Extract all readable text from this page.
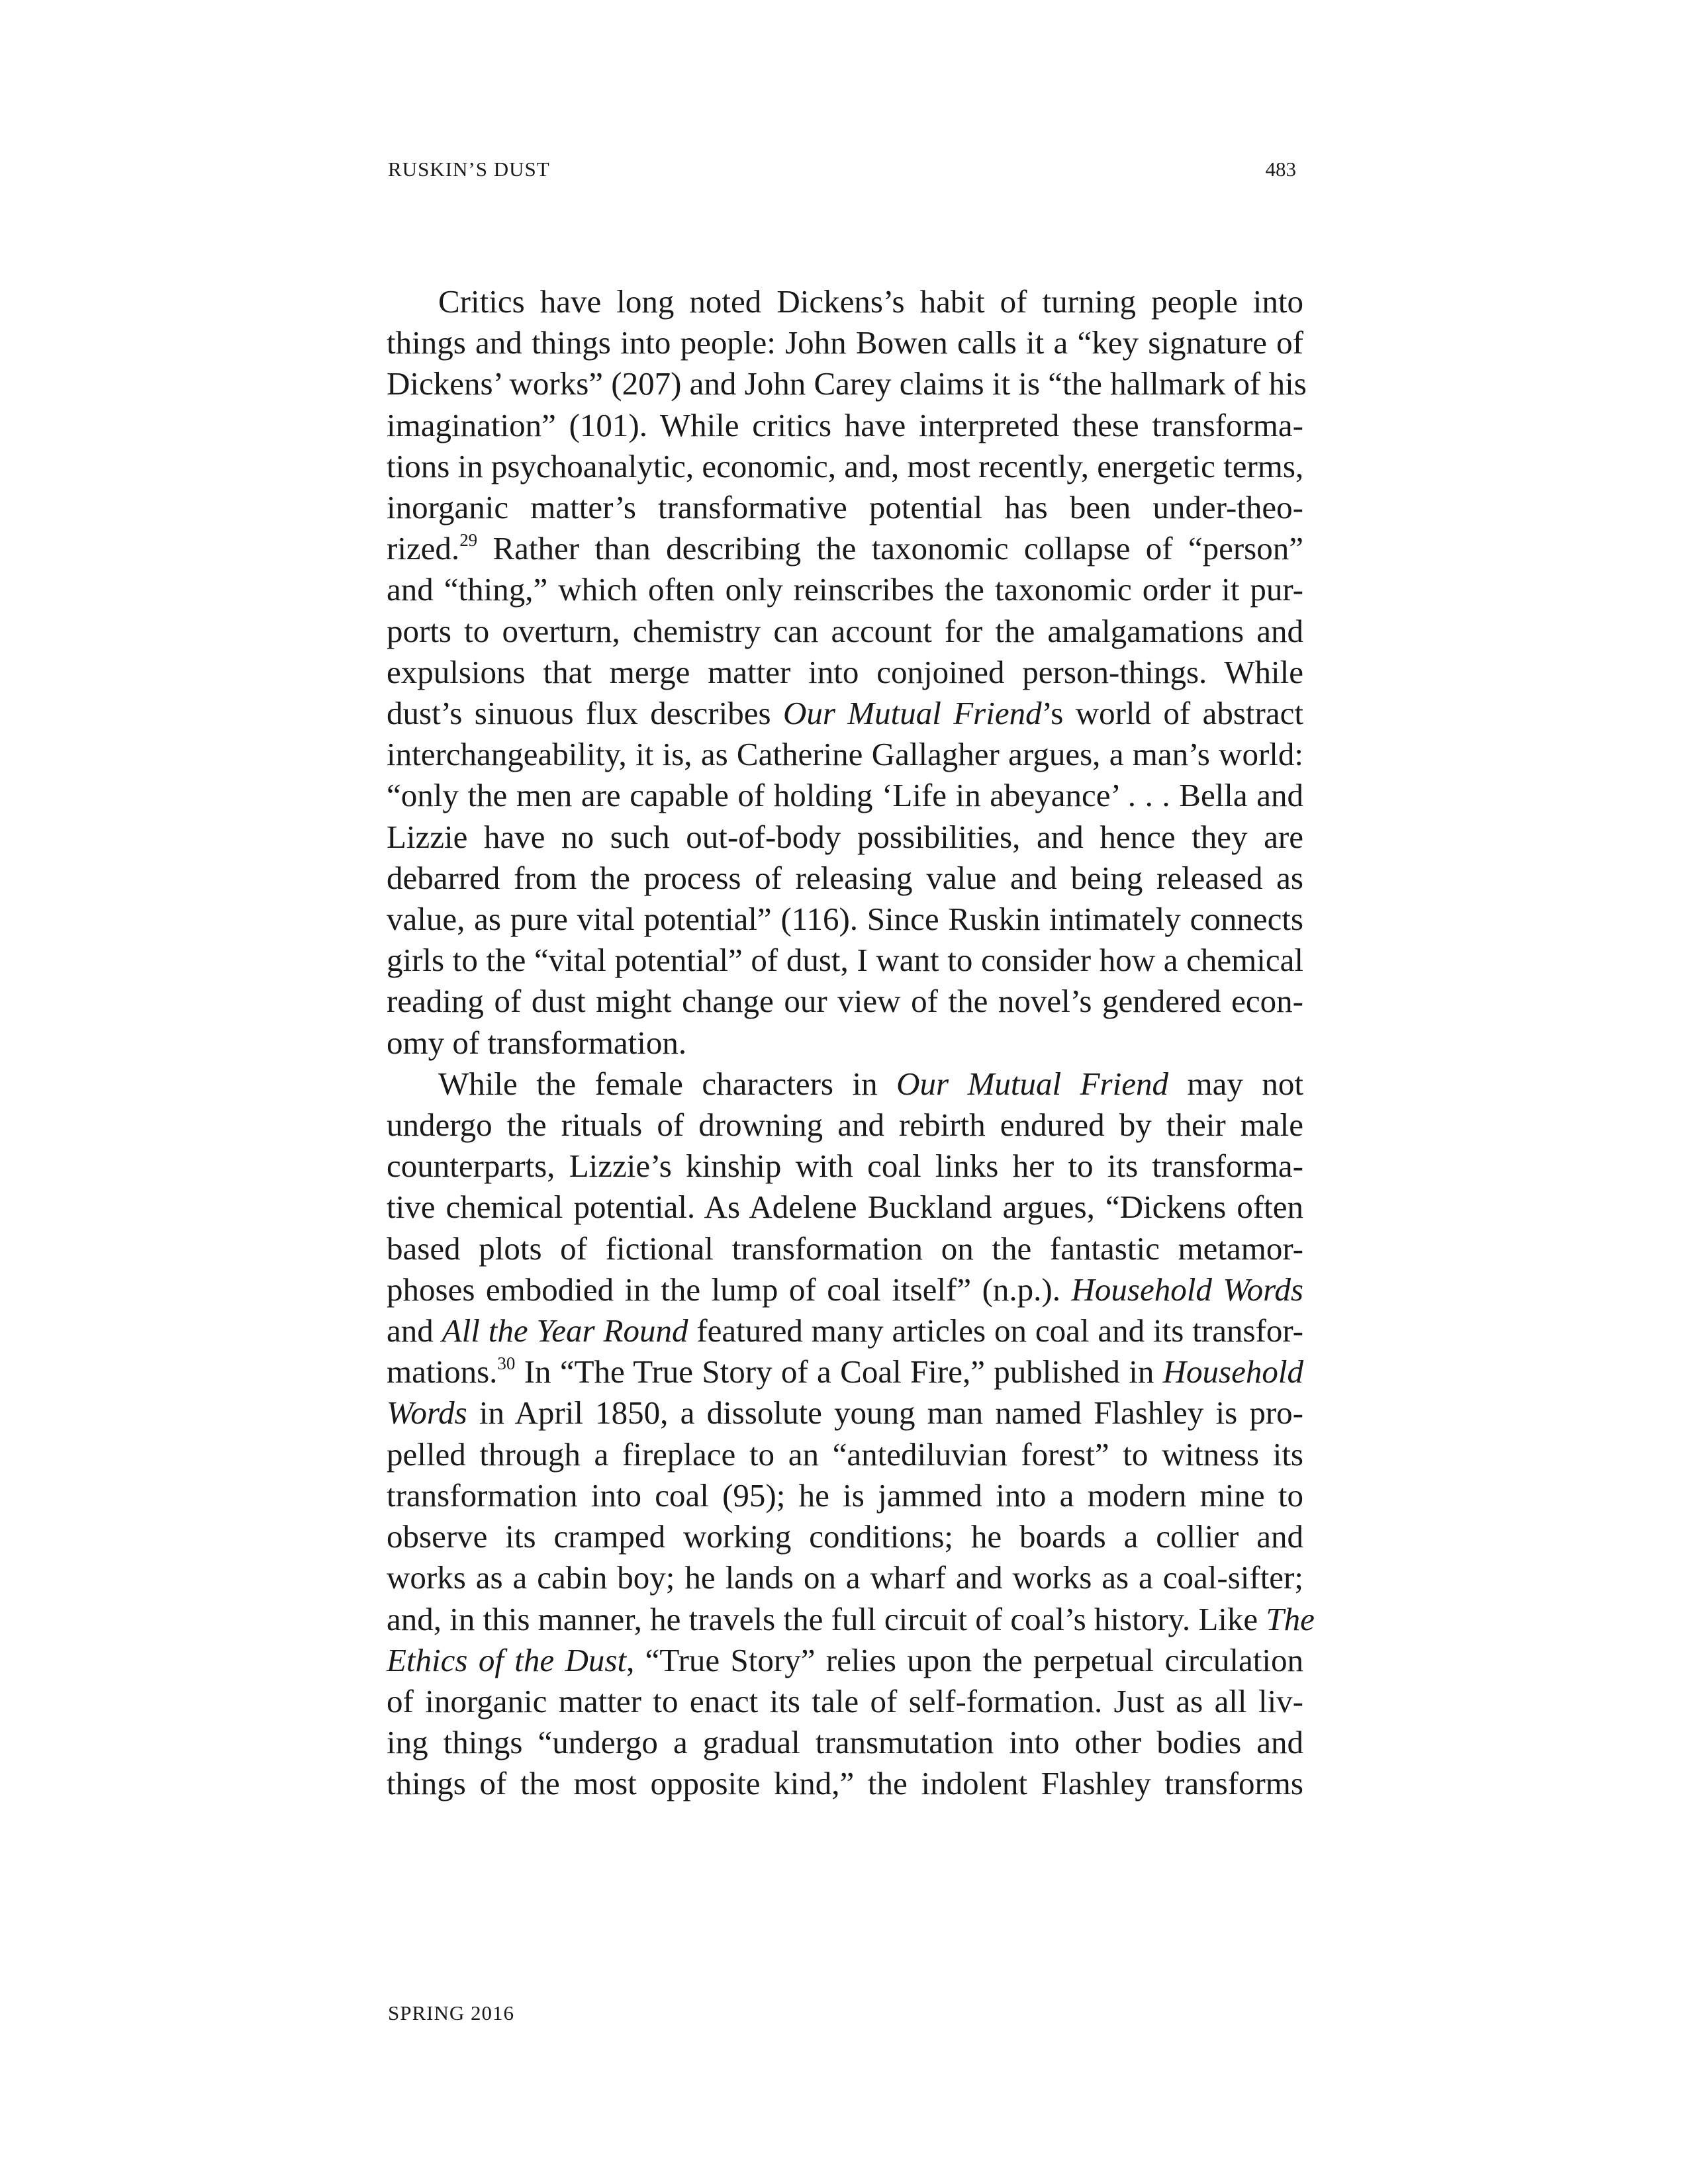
RUSKIN’S DUST	483
Critics have long noted Dickens’s habit of turning people into
things and things into people: John Bowen calls it a “key signature of
Dickens’ works” (207) and John Carey claims it is “the hallmark of his
imagination” (101). While critics have interpreted these transforma-
tions in psychoanalytic, economic, and, most recently, energetic terms,
inorganic matter’s transformative potential has been under-theo-
rized.$^{29}$ Rather than describing the taxonomic collapse of “person”
and “thing,” which often only reinscribes the taxonomic order it pur-
ports to overturn, chemistry can account for the amalgamations and
expulsions that merge matter into conjoined person-things. While
dust’s sinuous flux describes Our Mutual Friend’s world of abstract
interchangeability, it is, as Catherine Gallagher argues, a man’s world:
“only the men are capable of holding ‘Life in abeyance’ . . . Bella and
Lizzie have no such out-of-body possibilities, and hence they are
debarred from the process of releasing value and being released as
value, as pure vital potential” (116). Since Ruskin intimately connects
girls to the “vital potential” of dust, I want to consider how a chemical
reading of dust might change our view of the novel’s gendered econ-
omy of transformation.
While the female characters in Our Mutual Friend may not
undergo the rituals of drowning and rebirth endured by their male
counterparts, Lizzie’s kinship with coal links her to its transforma-
tive chemical potential. As Adelene Buckland argues, “Dickens often
based plots of fictional transformation on the fantastic metamor-
phoses embodied in the lump of coal itself” (n.p.). Household Words
and All the Year Round featured many articles on coal and its transfor-
mations.$^{30}$ In “The True Story of a Coal Fire,” published in Household
Words in April 1850, a dissolute young man named Flashley is pro-
pelled through a fireplace to an “antediluvian forest” to witness its
transformation into coal (95); he is jammed into a modern mine to
observe its cramped working conditions; he boards a collier and
works as a cabin boy; he lands on a wharf and works as a coal-sifter;
and, in this manner, he travels the full circuit of coal’s history. Like The
Ethics of the Dust, “True Story” relies upon the perpetual circulation
of inorganic matter to enact its tale of self-formation. Just as all liv-
ing things “undergo a gradual transmutation into other bodies and
things of the most opposite kind,” the indolent Flashley transforms
SPRING 2016
